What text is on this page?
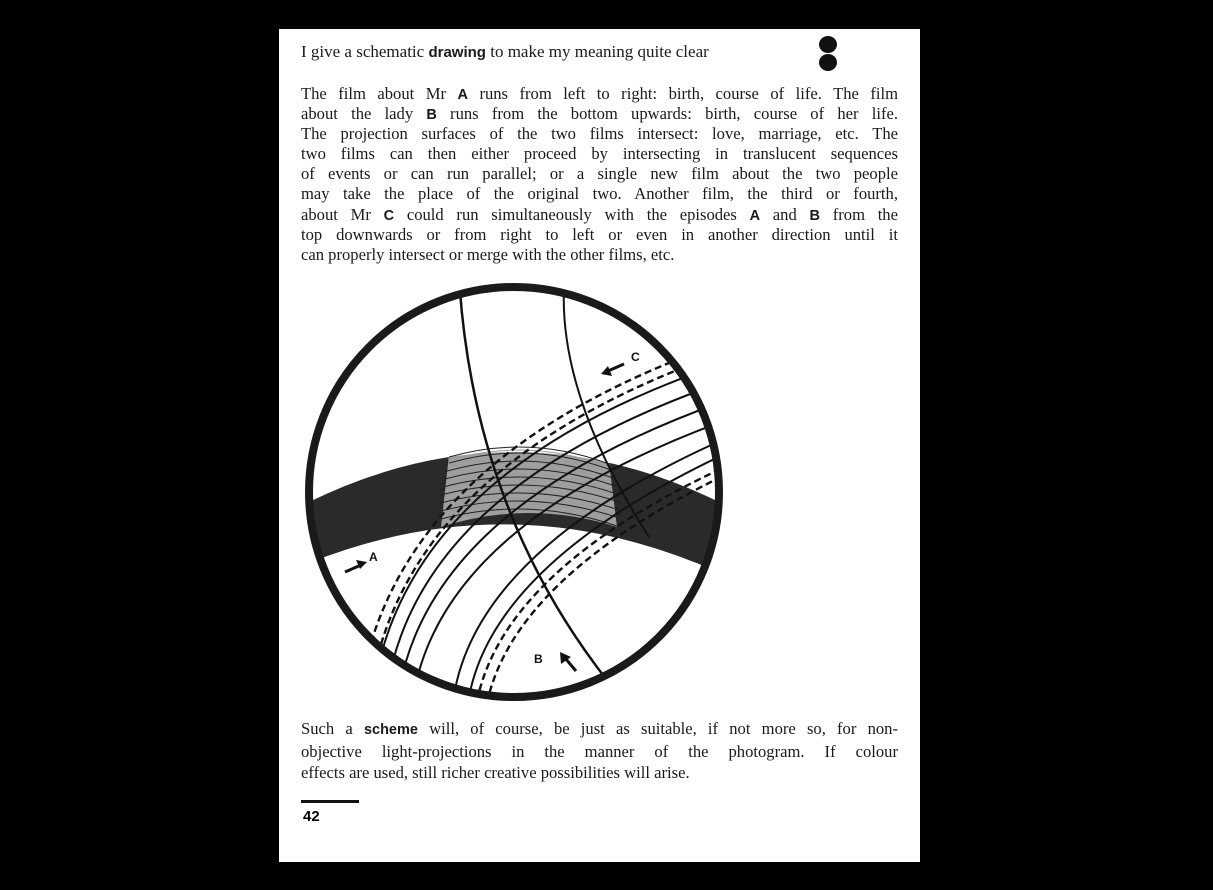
I give a schematic drawing to make my meaning quite clear
The film about Mr A runs from left to right: birth, course of life. The film
about the lady B runs from the bottom upwards: birth, course of her life.
The projection surfaces of the two films intersect: love, marriage, etc. The
two films can then either proceed by intersecting in translucent sequences
of events or can run parallel; or a single new film about the two people
may take the place of the original two. Another film, the third or fourth,
about Mr C could run simultaneously with the episodes A and B from the
top downwards or from right to left or even in another direction until it
can properly intersect or merge with the other films, etc.
A
B
C
Such a scheme will, of course, be just as suitable, if not more so, for non-
objective light-projections in the manner of the photogram. If colour
effects are used, still richer creative possibilities will arise.
42
